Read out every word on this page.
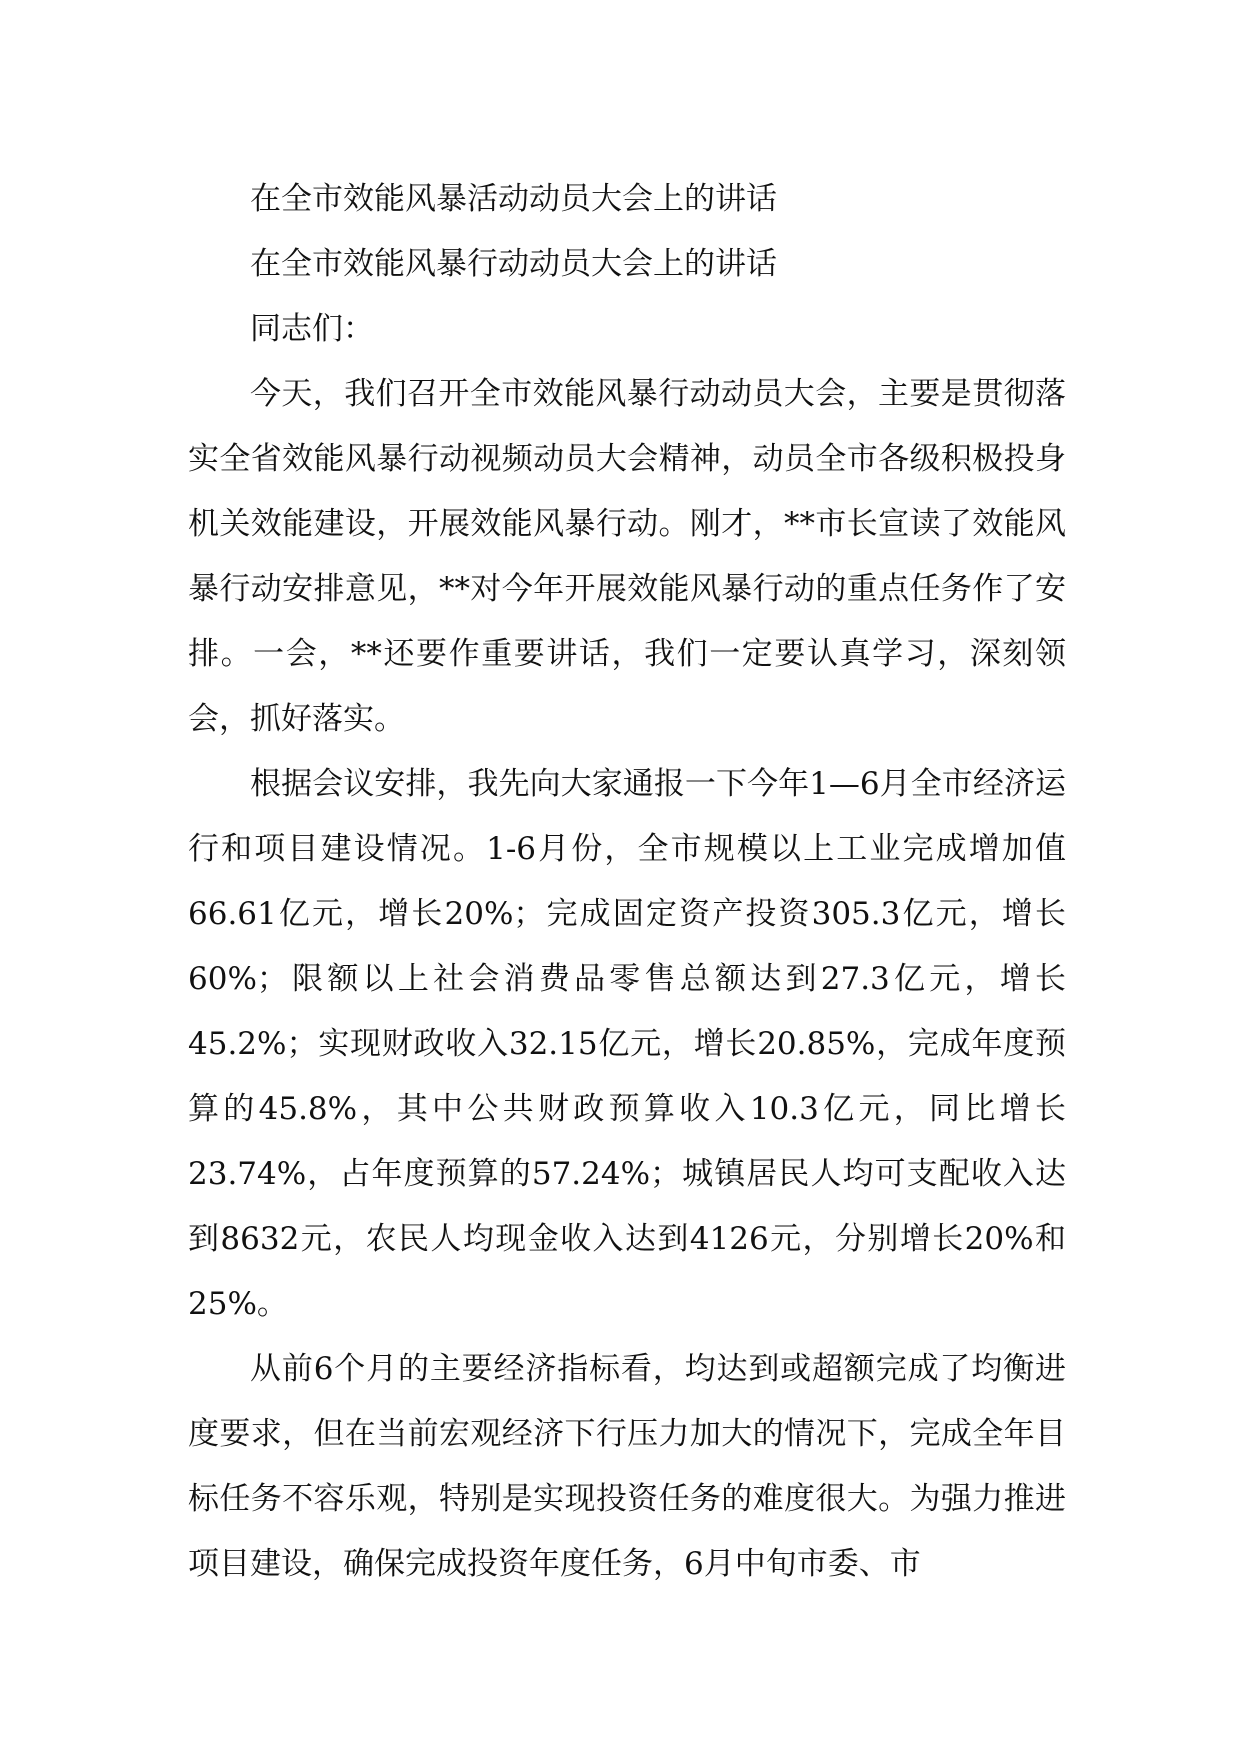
在全市效能风暴活动动员大会上的讲话

在全市效能风暴行动动员大会上的讲话

同志们：

今天，我们召开全市效能风暴行动动员大会，主要是贯彻落实全省效能风暴行动视频动员大会精神，动员全市各级积极投身机关效能建设，开展效能风暴行动。刚才，**市长宣读了效能风暴行动安排意见，**对今年开展效能风暴行动的重点任务作了安排。一会，**还要作重要讲话，我们一定要认真学习，深刻领会，抓好落实。

根据会议安排，我先向大家通报一下今年1—6月全市经济运行和项目建设情况。1-6月份，全市规模以上工业完成增加值66.61亿元，增长20%；完成固定资产投资305.3亿元，增长60%；限额以上社会消费品零售总额达到27.3亿元，增长45.2%；实现财政收入32.15亿元，增长20.85%，完成年度预算的45.8%，其中公共财政预算收入10.3亿元，同比增长23.74%，占年度预算的57.24%；城镇居民人均可支配收入达到8632元，农民人均现金收入达到4126元，分别增长20%和25%。

从前6个月的主要经济指标看，均达到或超额完成了均衡进度要求，但在当前宏观经济下行压力加大的情况下，完成全年目标任务不容乐观，特别是实现投资任务的难度很大。为强力推进项目建设，确保完成投资年度任务，6月中旬市委、市
